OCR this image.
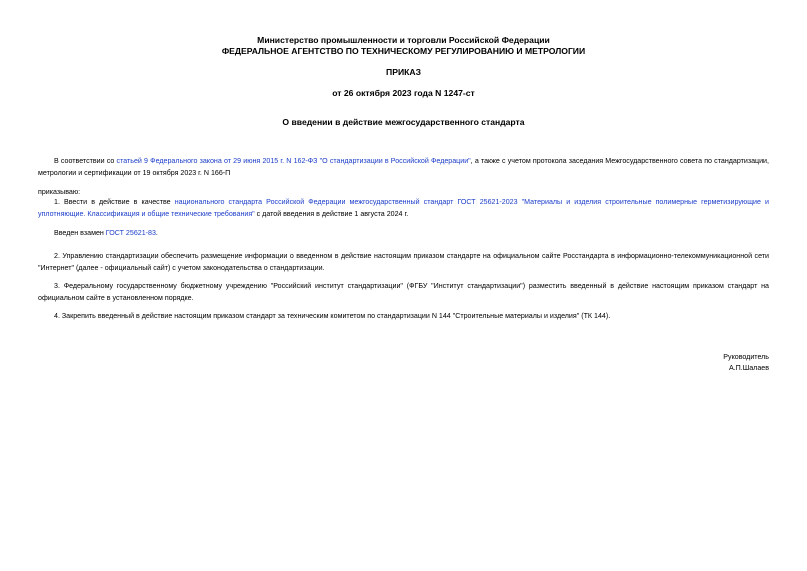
Министерство промышленности и торговли Российской Федерации
ФЕДЕРАЛЬНОЕ АГЕНТСТВО ПО ТЕХНИЧЕСКОМУ РЕГУЛИРОВАНИЮ И МЕТРОЛОГИИ
ПРИКАЗ
от 26 октября 2023 года N 1247-ст
О введении в действие межгосударственного стандарта
В соответствии со статьей 9 Федерального закона от 29 июня 2015 г. N 162-ФЗ "О стандартизации в Российской Федерации", а также с учетом протокола заседания Межгосударственного совета по стандартизации, метрологии и сертификации от 19 октября 2023 г. N 166-П
приказываю:
1. Ввести в действие в качестве национального стандарта Российской Федерации межгосударственный стандарт ГОСТ 25621-2023 "Материалы и изделия строительные полимерные герметизирующие и уплотняющие. Классификация и общие технические требования" с датой введения в действие 1 августа 2024 г.
Введен взамен ГОСТ 25621-83.
2. Управлению стандартизации обеспечить размещение информации о введенном в действие настоящим приказом стандарте на официальном сайте Росстандарта в информационно-телекоммуникационной сети "Интернет" (далее - официальный сайт) с учетом законодательства о стандартизации.
3. Федеральному государственному бюджетному учреждению "Российский институт стандартизации" (ФГБУ "Институт стандартизации") разместить введенный в действие настоящим приказом стандарт на официальном сайте в установленном порядке.
4. Закрепить введенный в действие настоящим приказом стандарт за техническим комитетом по стандартизации N 144 "Строительные материалы и изделия" (ТК 144).
Руководитель
А.П.Шалаев
